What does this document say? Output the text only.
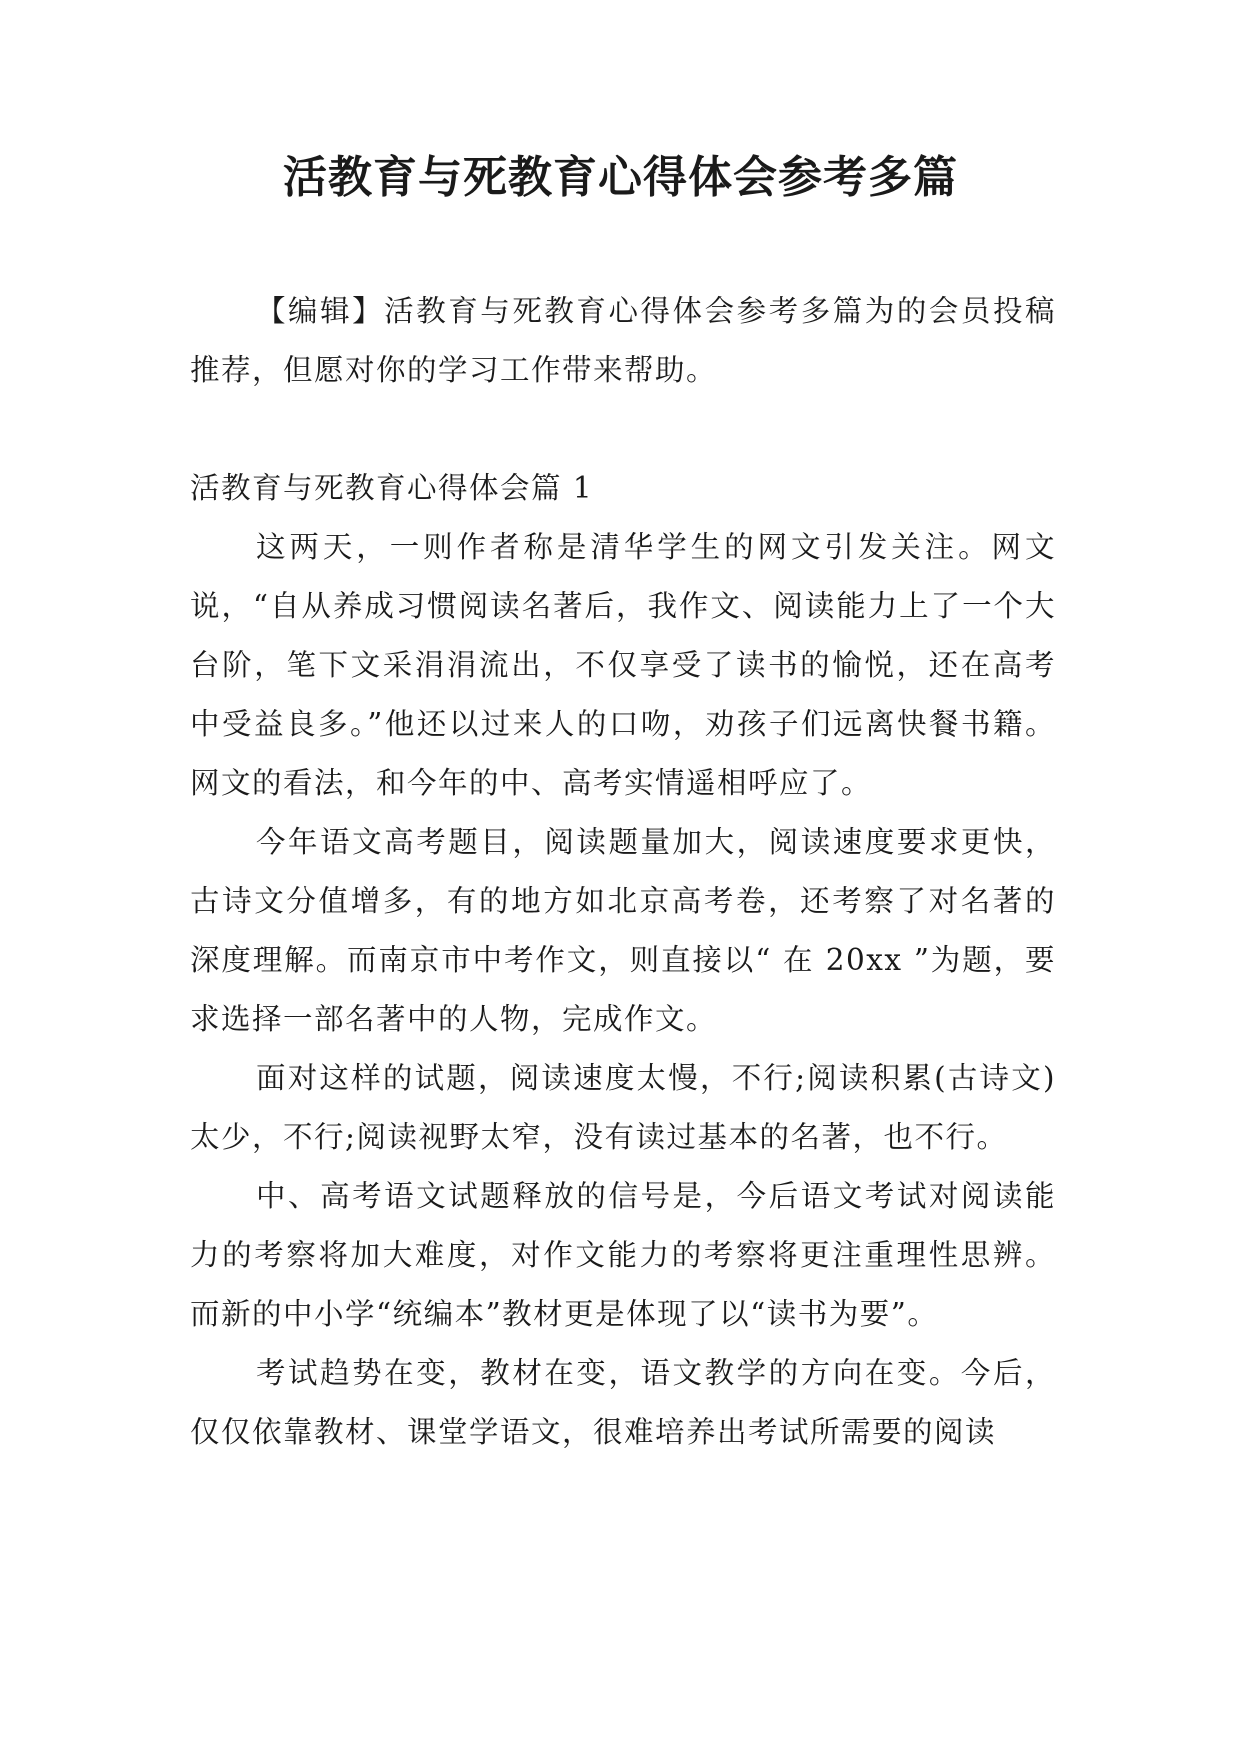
活教育与死教育心得体会参考多篇

【编辑】活教育与死教育心得体会参考多篇为的会员投稿推荐，但愿对你的学习工作带来帮助。

活教育与死教育心得体会篇 1

这两天，一则作者称是清华学生的网文引发关注。网文说，“自从养成习惯阅读名著后，我作文、阅读能力上了一个大台阶，笔下文采涓涓流出，不仅享受了读书的愉悦，还在高考中受益良多。”他还以过来人的口吻，劝孩子们远离快餐书籍。网文的看法，和今年的中、高考实情遥相呼应了。

今年语文高考题目，阅读题量加大，阅读速度要求更快，古诗文分值增多，有的地方如北京高考卷，还考察了对名著的深度理解。而南京市中考作文，则直接以“ 在 20xx ”为题，要求选择一部名著中的人物，完成作文。

面对这样的试题，阅读速度太慢，不行;阅读积累(古诗文)太少，不行;阅读视野太窄，没有读过基本的名著，也不行。

中、高考语文试题释放的信号是，今后语文考试对阅读能力的考察将加大难度，对作文能力的考察将更注重理性思辨。而新的中小学“统编本”教材更是体现了以“读书为要”。

考试趋势在变，教材在变，语文教学的方向在变。今后，仅仅依靠教材、课堂学语文，很难培养出考试所需要的阅读
